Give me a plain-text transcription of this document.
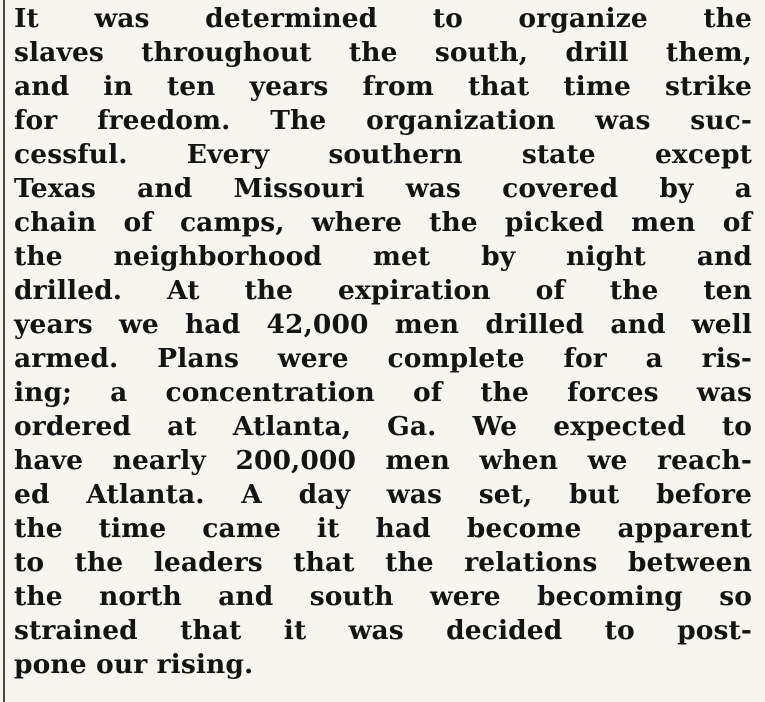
It was determined to organize the
slaves throughout the south, drill them,
and in ten years from that time strike
for freedom. The organization was suc-
cessful. Every southern state except
Texas and Missouri was covered by a
chain of camps, where the picked men of
the neighborhood met by night and
drilled. At the expiration of the ten
years we had 42,000 men drilled and well
armed. Plans were complete for a ris-
ing; a concentration of the forces was
ordered at Atlanta, Ga. We expected to
have nearly 200,000 men when we reach-
ed Atlanta. A day was set, but before
the time came it had become apparent
to the leaders that the relations between
the north and south were becoming so
strained that it was decided to post-
pone our rising.
